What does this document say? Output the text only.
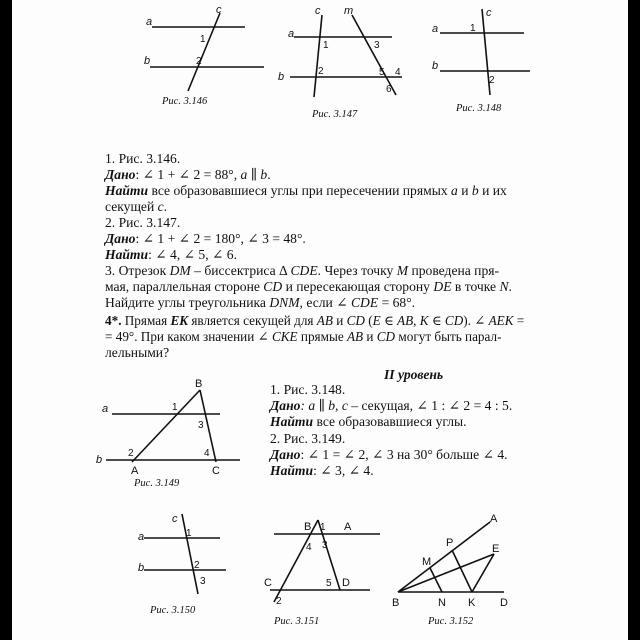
a
b
c
1
2
Рис. 3.146
c m
a
b
1	3
2	5 4
6
Рис. 3.147
c
a
b
1
2
Рис. 3.148
1. Рис. 3.146.
Дано: ∠ 1 + ∠ 2 = 88°, a ∥ b.
Найти все образовавшиеся углы при пересечении прямых a и b и их
секущей c.
2. Рис. 3.147.
Дано: ∠ 1 + ∠ 2 = 180°, ∠ 3 = 48°.
Найти: ∠ 4, ∠ 5, ∠ 6.
3. Отрезок DM – биссектриса Δ CDE. Через точку M проведена пря-
мая, параллельная стороне CD и пересекающая сторону DE в точке N.
Найдите углы треугольника DNM, если ∠ CDE = 68°.
4*. Прямая EK является секущей для AB и CD (E ∈ AB, K ∈ CD). ∠ AEK =
= 49°. При каком значении ∠ CKE прямые AB и CD могут быть парал-
лельными?
II уровень
B
a
b
A	C
1
3
2	4
Рис. 3.149
1. Рис. 3.148.
Дано: a ∥ b, c – секущая, ∠ 1 : ∠ 2 = 4 : 5.
Найти все образовавшиеся углы.
2. Рис. 3.149.
Дано: ∠ 1 = ∠ 2, ∠ 3 на 30° больше ∠ 4.
Найти: ∠ 3, ∠ 4.
c
a
b
1
2
3
Рис. 3.150
B	A
C	D
1
4 3
5
2
Рис. 3.151
A
P
M
E
B	N K D
Рис. 3.152
